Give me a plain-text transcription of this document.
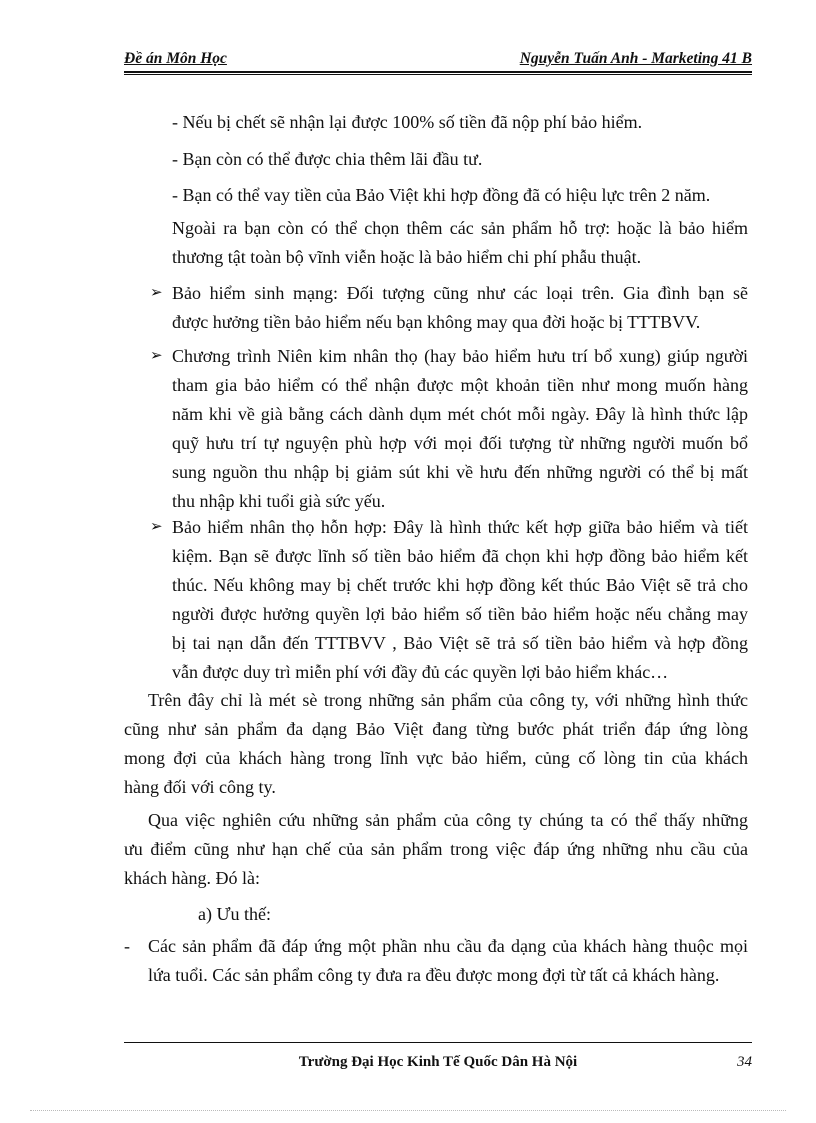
Đề án Môn Học	Nguyễn Tuấn Anh - Marketing 41 B
- Nếu bị chết sẽ nhận lại được 100% số tiền đã nộp phí bảo hiểm.
- Bạn còn có thể được chia thêm lãi đầu tư.
- Bạn có thể vay tiền của Bảo Việt khi hợp đồng đã có hiệu lực trên 2 năm.
Ngoài ra bạn còn có thể chọn thêm các sản phẩm hỗ trợ: hoặc là bảo hiểm
thương tật toàn bộ vĩnh viễn hoặc là bảo hiểm chi phí phẫu thuật.
➢ Bảo hiểm sinh mạng: Đối tượng cũng như các loại trên. Gia đình bạn sẽ
được hưởng tiền bảo hiểm nếu bạn không may qua đời hoặc bị TTTBVV.
➢ Chương trình Niên kim nhân thọ (hay bảo hiểm hưu trí bổ xung) giúp người
tham gia bảo hiểm có thể nhận được một khoản tiền như mong muốn hàng
năm khi về già bằng cách dành dụm mét chót mỗi ngày. Đây là hình thức lập
quỹ hưu trí tự nguyện phù hợp với mọi đối tượng từ những người muốn bổ
sung nguồn thu nhập bị giảm sút khi về hưu đến những người có thể bị mất
thu nhập khi tuổi già sức yếu.
➢ Bảo hiểm nhân thọ hỗn hợp: Đây là hình thức kết hợp giữa bảo hiểm và tiết
kiệm. Bạn sẽ được lĩnh số tiền bảo hiểm đã chọn khi hợp đồng bảo hiểm kết
thúc. Nếu không may bị chết trước khi hợp đồng kết thúc Bảo Việt sẽ trả cho
người được hưởng quyền lợi bảo hiểm số tiền bảo hiểm hoặc nếu chẳng may
bị tai nạn dẫn đến TTTBVV , Bảo Việt sẽ trả số tiền bảo hiểm và hợp đồng
vẫn được duy trì miễn phí với đầy đủ các quyền lợi bảo hiểm khác…
Trên đây chỉ là mét sè trong những sản phẩm của công ty, với những hình thức
cũng như sản phẩm đa dạng Bảo Việt đang từng bước phát triển đáp ứng lòng
mong đợi của khách hàng trong lĩnh vực bảo hiểm, củng cố lòng tin của khách
hàng đối với công ty.
Qua việc nghiên cứu những sản phẩm của công ty chúng ta có thể thấy những
ưu điểm cũng như hạn chế của sản phẩm trong việc đáp ứng những nhu cầu của
khách hàng. Đó là:
a) Ưu thế:
- Các sản phẩm đã đáp ứng một phần nhu cầu đa dạng của khách hàng thuộc mọi
lứa tuổi. Các sản phẩm công ty đưa ra đều được mong đợi từ tất cả khách hàng.
Trường Đại Học Kinh Tế Quốc Dân Hà Nội	34
